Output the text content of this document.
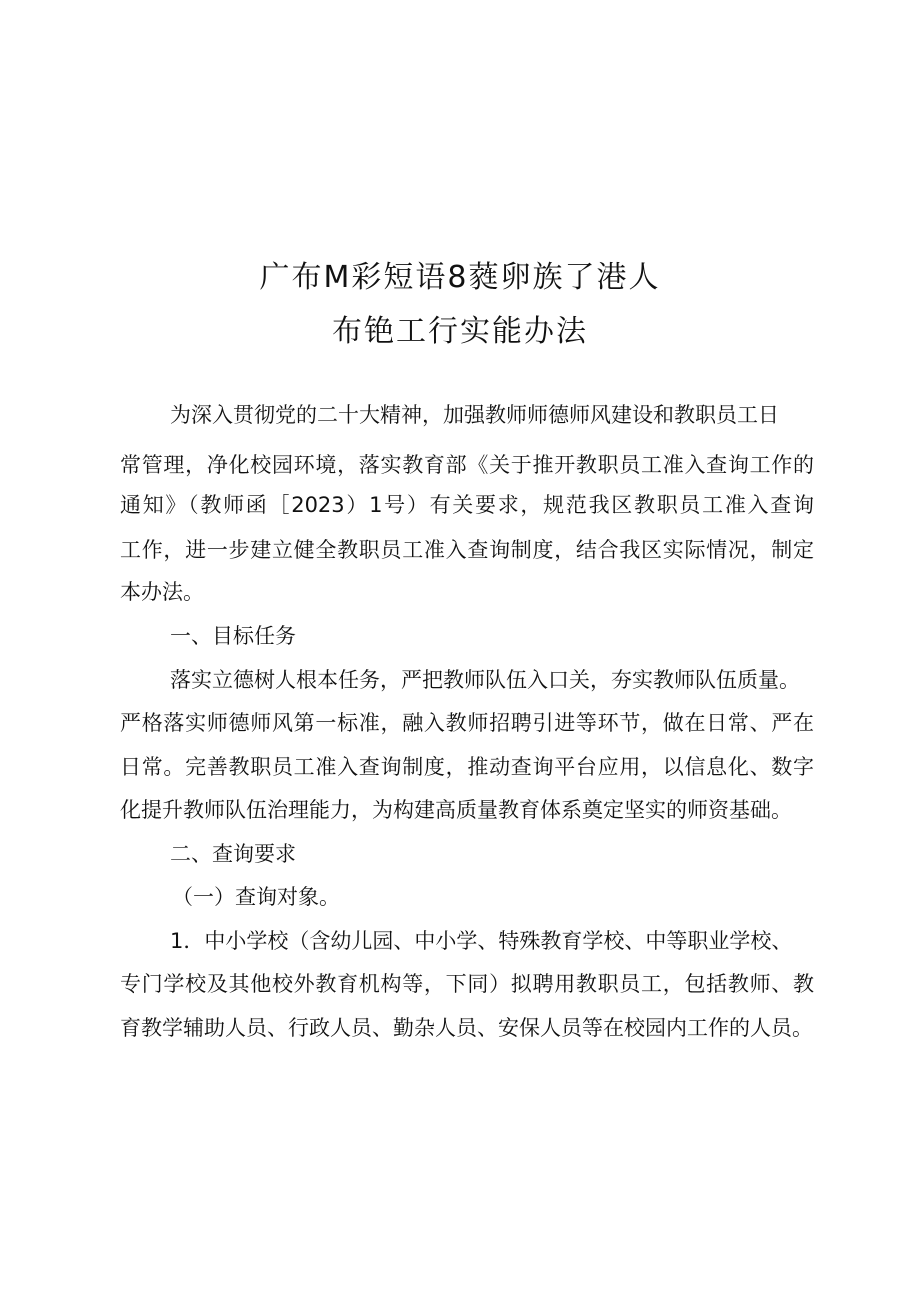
广布M彩短语8蕤卵族了港人
布铯工行实能办法
为深入贯彻党的二十大精神，加强教师师德师风建设和教职员工日
常管理，净化校园环境，落实教育部《关于推开教职员工准入查询工作的
通知》（教师函［2023）1号）有关要求，规范我区教职员工准入查询
工作，进一步建立健全教职员工准入查询制度，结合我区实际情况，制定
本办法。
一、目标任务
落实立德树人根本任务，严把教师队伍入口关，夯实教师队伍质量。
严格落实师德师风第一标准，融入教师招聘引进等环节，做在日常、严在
日常。完善教职员工准入查询制度，推动查询平台应用，以信息化、数字
化提升教师队伍治理能力，为构建高质量教育体系奠定坚实的师资基础。
二、查询要求
（一）查询对象。
1．中小学校（含幼儿园、中小学、特殊教育学校、中等职业学校、
专门学校及其他校外教育机构等，下同）拟聘用教职员工，包括教师、教
育教学辅助人员、行政人员、勤杂人员、安保人员等在校园内工作的人员。
